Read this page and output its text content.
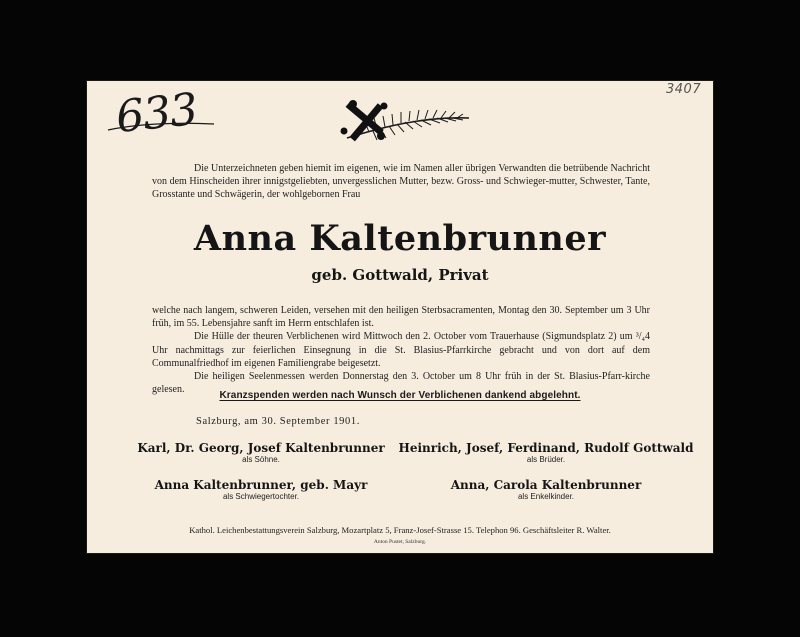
633	3407
Die Unterzeichneten geben hiemit im eigenen, wie im Namen aller übrigen Verwandten die betrübende Nachricht von dem Hinscheiden ihrer innigstgeliebten, unvergesslichen Mutter, bezw. Gross- und Schwieger-mutter, Schwester, Tante, Grosstante und Schwägerin, der wohlgebornen Frau
Anna Kaltenbrunner
geb. Gottwald, Privat

welche nach langem, schweren Leiden, versehen mit den heiligen Sterbsacramenten, Montag den 30. September um 3 Uhr früh, im 55. Lebensjahre sanft im Herrn entschlafen ist.

Die Hülle der theuren Verblichenen wird Mittwoch den 2. October vom Trauerhause (Sigmundsplatz 2) um ³/₄4 Uhr nachmittags zur feierlichen Einsegnung in die St. Blasius-Pfarrkirche gebracht und von dort auf dem Communalfriedhof im eigenen Familiengrabe beigesetzt.

Die heiligen Seelenmessen werden Donnerstag den 3. October um 8 Uhr früh in der St. Blasius-Pfarr-kirche gelesen.

Kranzspenden werden nach Wunsch der Verblichenen dankend abgelehnt.
Salzburg, am 30. September 1901.
Karl, Dr. Georg, Josef Kaltenbrunner
als Söhne.
Heinrich, Josef, Ferdinand, Rudolf Gottwald
als Brüder.
Anna Kaltenbrunner, geb. Mayr
als Schwiegertochter.
Anna, Carola Kaltenbrunner
als Enkelkinder.
Kathol. Leichenbestattungsverein Salzburg, Mozartplatz 5, Franz-Josef-Strasse 15. Telephon 96. Geschäftsleiter R. Walter.
Anton Pustet, Salzburg.
